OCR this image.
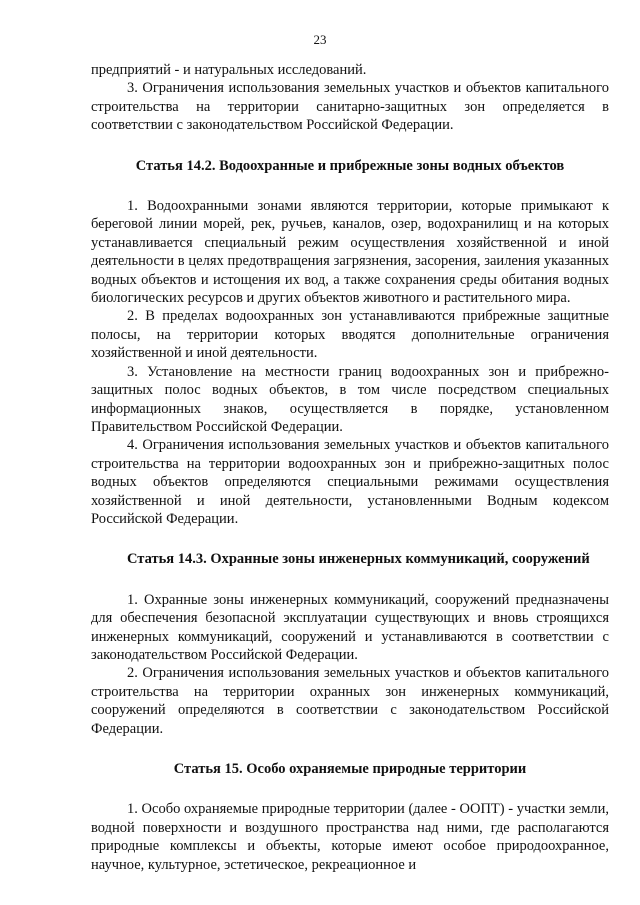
23

предприятий - и натуральных исследований.

3. Ограничения использования земельных участков и объектов капитального строительства на территории санитарно-защитных зон определяется в соответствии с законодательством Российской Федерации.

Статья 14.2. Водоохранные и прибрежные зоны водных объектов

1. Водоохранными зонами являются территории, которые примыкают к береговой линии морей, рек, ручьев, каналов, озер, водохранилищ и на которых устанавливается специальный режим осуществления хозяйственной и иной деятельности в целях предотвращения загрязнения, засорения, заиления указанных водных объектов и истощения их вод, а также сохранения среды обитания водных биологических ресурсов и других объектов животного и растительного мира.

2. В пределах водоохранных зон устанавливаются прибрежные защитные полосы, на территории которых вводятся дополнительные ограничения хозяйственной и иной деятельности.

3. Установление на местности границ водоохранных зон и прибрежно-защитных полос водных объектов, в том числе посредством специальных информационных знаков, осуществляется в порядке, установленном Правительством Российской Федерации.

4. Ограничения использования земельных участков и объектов капитального строительства на территории водоохранных зон и прибрежно-защитных полос водных объектов определяются специальными режимами осуществления хозяйственной и иной деятельности, установленными Водным кодексом Российской Федерации.

Статья 14.3. Охранные зоны инженерных коммуникаций, сооружений

1. Охранные зоны инженерных коммуникаций, сооружений предназначены для обеспечения безопасной эксплуатации существующих и вновь строящихся инженерных коммуникаций, сооружений и устанавливаются в соответствии с законодательством Российской Федерации.

2. Ограничения использования земельных участков и объектов капитального строительства на территории охранных зон инженерных коммуникаций, сооружений определяются в соответствии с законодательством Российской Федерации.

Статья 15. Особо охраняемые природные территории

1. Особо охраняемые природные территории (далее - ООПТ) - участки земли, водной поверхности и воздушного пространства над ними, где располагаются природные комплексы и объекты, которые имеют особое природоохранное, научное, культурное, эстетическое, рекреационное и
